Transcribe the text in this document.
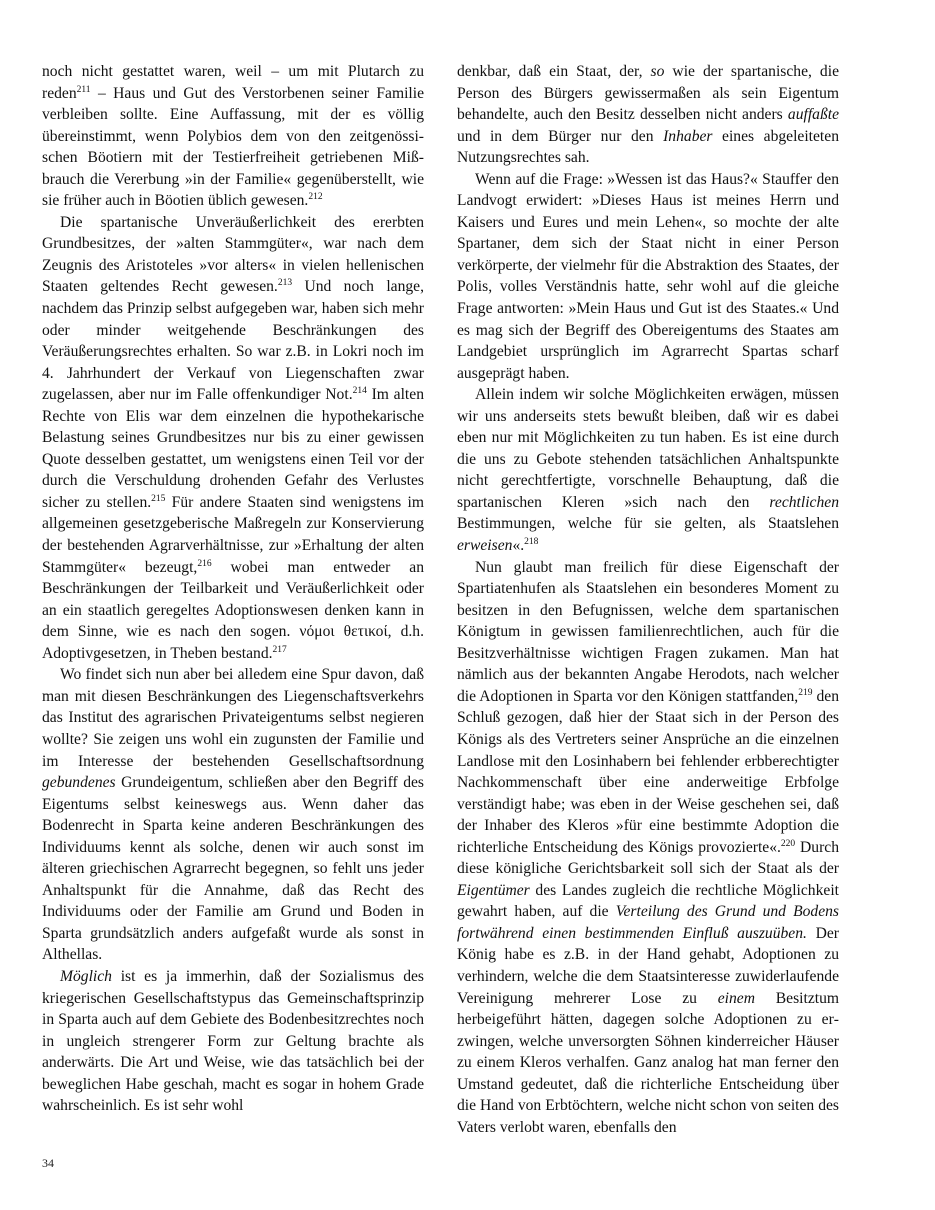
noch nicht gestattet waren, weil – um mit Plutarch zu reden$^{211}$ – Haus und Gut des Verstorbenen seiner Familie verbleiben sollte. Eine Auffassung, mit der es völlig übereinstimmt, wenn Polybios dem von den zeitgenössischen Böotiern mit der Testierfreiheit getriebenen Mißbrauch die Vererbung »in der Familie« gegenüberstellt, wie sie früher auch in Böotien üblich gewesen.$^{212}$

Die spartanische Unveräußerlichkeit des ererbten Grundbesitzes, der »alten Stammgüter«, war nach dem Zeugnis des Aristoteles »vor alters« in vielen hellenischen Staaten geltendes Recht gewesen.$^{213}$ Und noch lange, nachdem das Prinzip selbst aufgegeben war, haben sich mehr oder minder weitgehende Beschränkungen des Veräußerungsrechtes erhalten. So war z.B. in Lokri noch im 4. Jahrhundert der Verkauf von Liegenschaften zwar zugelassen, aber nur im Falle offenkundiger Not.$^{214}$ Im alten Rechte von Elis war dem einzelnen die hypothekarische Belastung seines Grundbesitzes nur bis zu einer gewissen Quote desselben gestattet, um wenigstens einen Teil vor der durch die Verschuldung drohenden Gefahr des Verlustes sicher zu stellen.$^{215}$ Für andere Staaten sind wenigstens im allgemeinen gesetzgeberische Maßregeln zur Konservierung der bestehenden Agrarverhältnisse, zur »Erhaltung der alten Stammgüter« bezeugt,$^{216}$ wobei man entweder an Beschränkungen der Teilbarkeit und Veräußerlichkeit oder an ein staatlich geregeltes Adoptionswesen denken kann in dem Sinne, wie es nach den sogen. νόμοι θετικοί, d.h. Adoptivgesetzen, in Theben bestand.$^{217}$

Wo findet sich nun aber bei alledem eine Spur davon, daß man mit diesen Beschränkungen des Liegenschaftsverkehrs das Institut des agrarischen Privateigentums selbst negieren wollte? Sie zeigen uns wohl ein zugunsten der Familie und im Interesse der bestehenden Gesellschaftsordnung gebundenes Grundeigentum, schließen aber den Begriff des Eigentums selbst keineswegs aus. Wenn daher das Bodenrecht in Sparta keine anderen Beschränkungen des Individuums kennt als solche, denen wir auch sonst im älteren griechischen Agrarrecht begegnen, so fehlt uns jeder Anhaltspunkt für die Annahme, daß das Recht des Individuums oder der Familie am Grund und Boden in Sparta grundsätzlich anders aufgefaßt wurde als sonst in Althellas.

Möglich ist es ja immerhin, daß der Sozialismus des kriegerischen Gesellschaftstypus das Gemeinschaftsprinzip in Sparta auch auf dem Gebiete des Bodenbesitzrechtes noch in ungleich strengerer Form zur Geltung brachte als anderwärts. Die Art und Weise, wie das tatsächlich bei der beweglichen Habe geschah, macht es sogar in hohem Grade wahrscheinlich. Es ist sehr wohl

denkbar, daß ein Staat, der, so wie der spartanische, die Person des Bürgers gewissermaßen als sein Eigentum behandelte, auch den Besitz desselben nicht anders auffaßte und in dem Bürger nur den Inhaber eines abgeleiteten Nutzungsrechtes sah.

Wenn auf die Frage: »Wessen ist das Haus?« Stauffer den Landvogt erwidert: »Dieses Haus ist meines Herrn und Kaisers und Eures und mein Lehen«, so mochte der alte Spartaner, dem sich der Staat nicht in einer Person verkörperte, der vielmehr für die Abstraktion des Staates, der Polis, volles Verständnis hatte, sehr wohl auf die gleiche Frage antworten: »Mein Haus und Gut ist des Staates.« Und es mag sich der Begriff des Obereigentums des Staates am Landgebiet ursprünglich im Agrarrecht Spartas scharf ausgeprägt haben.

Allein indem wir solche Möglichkeiten erwägen, müssen wir uns anderseits stets bewußt bleiben, daß wir es dabei eben nur mit Möglichkeiten zu tun haben. Es ist eine durch die uns zu Gebote stehenden tatsächlichen Anhaltspunkte nicht gerechtfertigte, vorschnelle Behauptung, daß die spartanischen Kleren »sich nach den rechtlichen Bestimmungen, welche für sie gelten, als Staatslehen erweisen«.$^{218}$

Nun glaubt man freilich für diese Eigenschaft der Spartiatenhufen als Staatslehen ein besonderes Moment zu besitzen in den Befugnissen, welche dem spartanischen Königtum in gewissen familienrechtlichen, auch für die Besitzverhältnisse wichtigen Fragen zukamen. Man hat nämlich aus der bekannten Angabe Herodots, nach welcher die Adoptionen in Sparta vor den Königen stattfanden,$^{219}$ den Schluß gezogen, daß hier der Staat sich in der Person des Königs als des Vertreters seiner Ansprüche an die einzelnen Landlose mit den Losinhabern bei fehlender erbberechtigter Nachkommenschaft über eine anderweitige Erbfolge verständigt habe; was eben in der Weise geschehen sei, daß der Inhaber des Kleros »für eine bestimmte Adoption die richterliche Entscheidung des Königs provozierte«.$^{220}$ Durch diese königliche Gerichtsbarkeit soll sich der Staat als der Eigentümer des Landes zugleich die rechtliche Möglichkeit gewahrt haben, auf die Verteilung des Grund und Bodens fortwährend einen bestimmenden Einfluß auszuüben. Der König habe es z.B. in der Hand gehabt, Adoptionen zu verhindern, welche die dem Staatsinteresse zuwiderlaufende Vereinigung mehrerer Lose zu einem Besitztum herbeigeführt hätten, dagegen solche Adoptionen zu erzwingen, welche unversorgten Söhnen kinderreicher Häuser zu einem Kleros verhalfen. Ganz analog hat man ferner den Umstand gedeutet, daß die richterliche Entscheidung über die Hand von Erbtöchtern, welche nicht schon von seiten des Vaters verlobt waren, ebenfalls den

34
